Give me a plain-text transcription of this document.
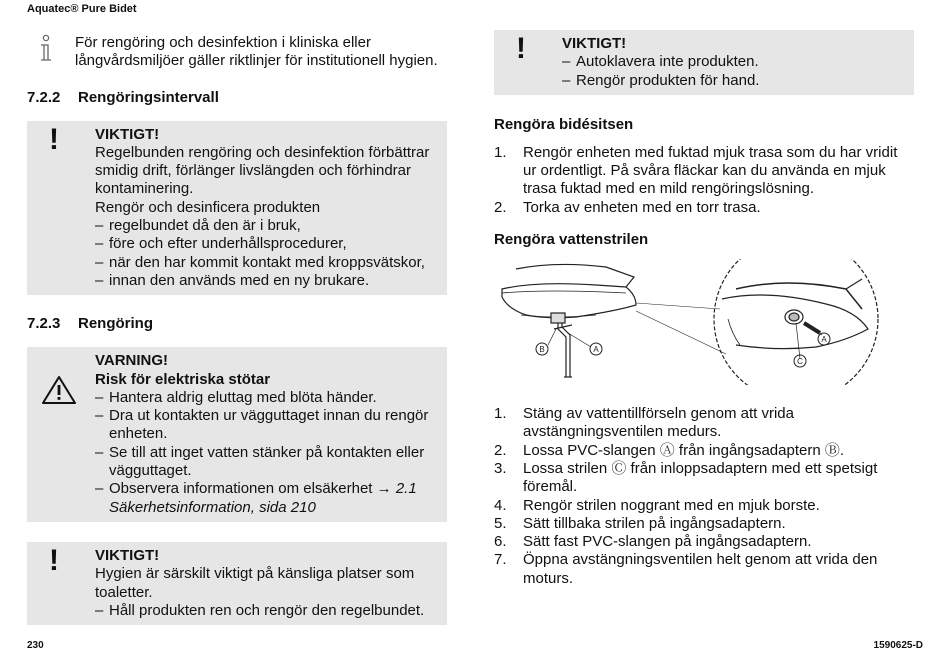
Aquatec® Pure Bidet
För rengöring och desinfektion i kliniska eller långvårdsmiljöer gäller riktlinjer för institutionell hygien.
7.2.2 Rengöringsintervall
! VIKTIGT!
Regelbunden rengöring och desinfektion förbättrar smidig drift, förlänger livslängden och förhindrar kontaminering.
Rengör och desinficera produkten
– regelbundet då den är i bruk,
– före och efter underhållsprocedurer,
– när den har kommit kontakt med kroppsvätskor,
– innan den används med en ny brukare.
7.2.3 Rengöring
VARNING!
Risk för elektriska stötar
– Hantera aldrig eluttag med blöta händer.
– Dra ut kontakten ur vägguttaget innan du rengör enheten.
– Se till att inget vatten stänker på kontakten eller vägguttaget.
– Observera informationen om elsäkerhet → 2.1 Säkerhetsinformation, sida 210
! VIKTIGT!
Hygien är särskilt viktigt på känsliga platser som toaletter.
– Håll produkten ren och rengör den regelbundet.
! VIKTIGT!
– Autoklavera inte produkten.
– Rengör produkten för hand.
Rengöra bidésitsen
1. Rengör enheten med fuktad mjuk trasa som du har vridit ur ordentligt. På svåra fläckar kan du använda en mjuk trasa fuktad med en mild rengöringslösning.
2. Torka av enheten med en torr trasa.
Rengöra vattenstrilen
B	A
C
A
1. Stäng av vattentillförseln genom att vrida avstängningsventilen medurs.
2. Lossa PVC-slangen Ⓐ från ingångsadaptern Ⓑ.
3. Lossa strilen Ⓒ från inloppsadaptern med ett spetsigt föremål.
4. Rengör strilen noggrant med en mjuk borste.
5. Sätt tillbaka strilen på ingångsadaptern.
6. Sätt fast PVC-slangen på ingångsadaptern.
7. Öppna avstängningsventilen helt genom att vrida den moturs.
230	1590625-D
